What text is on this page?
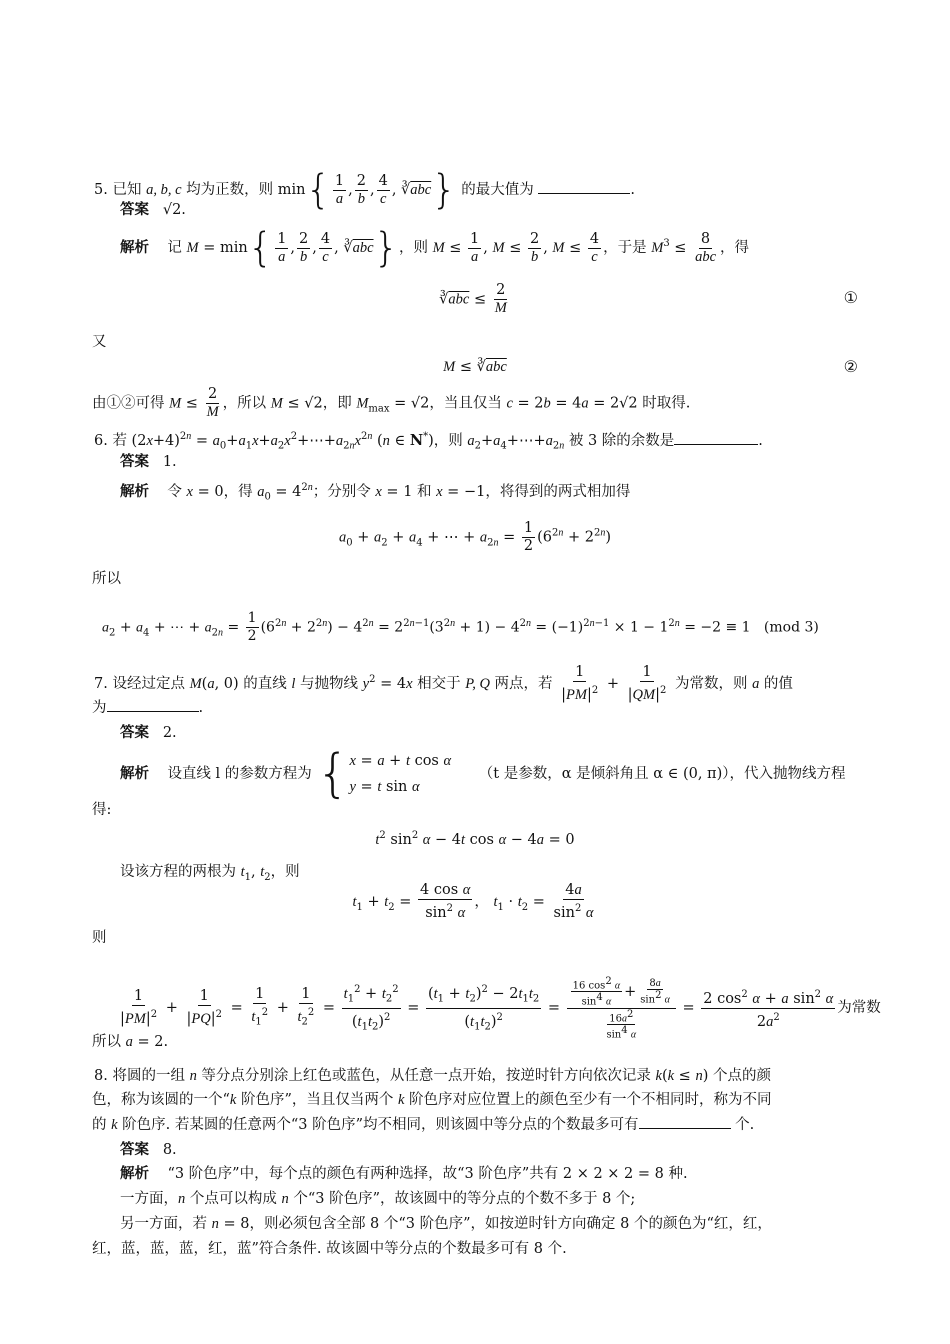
5. 已知 a, b, c 均为正数，则 $\min\{ \frac{1}{a}$ , $\frac{2}{b}$ , $\frac{4}{c}$ , $∛\overline{abc}$} 的最大值为	.
答案 √2.
解析    记 $M = \min\{ \frac{1}{a}$ , $\frac{2}{b}$ , $\frac{4}{c}$ , $∛\overline{abc}$}，则 $M \le \frac{1}{a}$ , $M \le \frac{2}{b}$ , $M \le \frac{4}{c}$ ，于是 $M^3 \le \frac{8}{\text{abc}}$ ，得
$∛\overline{abc} \le \frac{2}{M}$	①
又
$M \le ∛\overline{abc}$	②
由①②可得 $M \le \frac{2}{M}$ ，所以 M ≤ √2，即 $M_{max} = √2$，当且仅当 c = 2b = 4a = 2√2 时取得.
6. 若 $(2x+4)^{2n}$ = $a_0+a_1x+a_2x^2+\cdots+a_{2n}x^{2n}$ (n ∈ N*)，则 $a_2+a_4+\cdots+a_{2n}$ 被 3 除的余数是	.
答案 1.
解析    令 x = 0，得 $a_0 = 4^{2n}$；分别令 x = 1 和 x = −1，将得到的两式相加得
$a_0 + a_2 + a_4$ + ⋯ + $a_{2n} = \frac{1}{2} (6^{2n} + 2^{2n})$
所以
$a_2 + a_4$ + ⋯ + $a_{2n} = \frac{1}{2} (6^{2n} + 2^{2n}) - 4^{2n} = 2^{2n-1}(3^{2n} + 1) - 4^{2n} = (-1)^{2n-1} \times 1 - 1^{2n} = -2 \equiv 1$   (mod 3)
7. 设经过定点 M(a, 0) 的直线 l 与抛物线 $y^2 = 4x$ 相交于 P, Q 两点，若 $\frac{1}{|PM|^2} + \frac{1}{|QM|^2}$ 为常数，则 a 的值
为	.
答案 2.
解析 设直线 l 的参数方程为 { x = a + t cos α
y = t sin α
（t 是参数，α 是倾斜角且 α ∈ (0, π)），代入抛物线方程
得:
$t^2$ $\sin^2 \alpha - 4t$ cos α − 4a = 0
设该方程的两根为 $t_1$, $t_2$，则
$t_1 + t_2 = \frac{\text{4 cos α}}{\sin^2 \alpha}$ ， $t_1 \cdot t_2 = \frac{4a}{\sin^2 \alpha}$
则
$\frac{1}{|PM|^2} + \frac{1}{|PQ|^2} = \frac{1}{t_1^2} + \frac{1}{t_2^2} = \frac{t_1^2 + t_2^2}{(t_1t_2)^2} = \frac{(t_1 + t_2)^2 - 2t_1t_2}{(t_1t_2)^2} = \frac{\frac{16 \cos^2 \alpha}{\sin^4 \alpha} + \frac{8a}{\sin^2 \alpha}}{\frac{16a^2}{\sin^4 \alpha}} = \frac{2 \cos^2 \alpha + a \sin^2 \alpha}{2a^2}$ 为常数
所以 a = 2.
8. 将圆的一组 n 等分点分别涂上红色或蓝色，从任意一点开始，按逆时针方向依次记录 k(k ≤ n) 个点的颜
色，称为该圆的一个“k 阶色序”，当且仅当两个 k 阶色序对应位置上的颜色至少有一个不相同时，称为不同
的 k 阶色序. 若某圆的任意两个“3 阶色序”均不相同，则该圆中等分点的个数最多可有	个.
答案 8.
解析 “3 阶色序”中，每个点的颜色有两种选择，故“3 阶色序”共有 2 × 2 × 2 = 8 种.
一方面，n 个点可以构成 n 个“3 阶色序”，故该圆中的等分点的个数不多于 8 个;
另一方面，若 n = 8，则必须包含全部 8 个“3 阶色序”，如按逆时针方向确定 8 个的颜色为“红，红，
红，蓝，蓝，蓝，红，蓝”符合条件. 故该圆中等分点的个数最多可有 8 个.
